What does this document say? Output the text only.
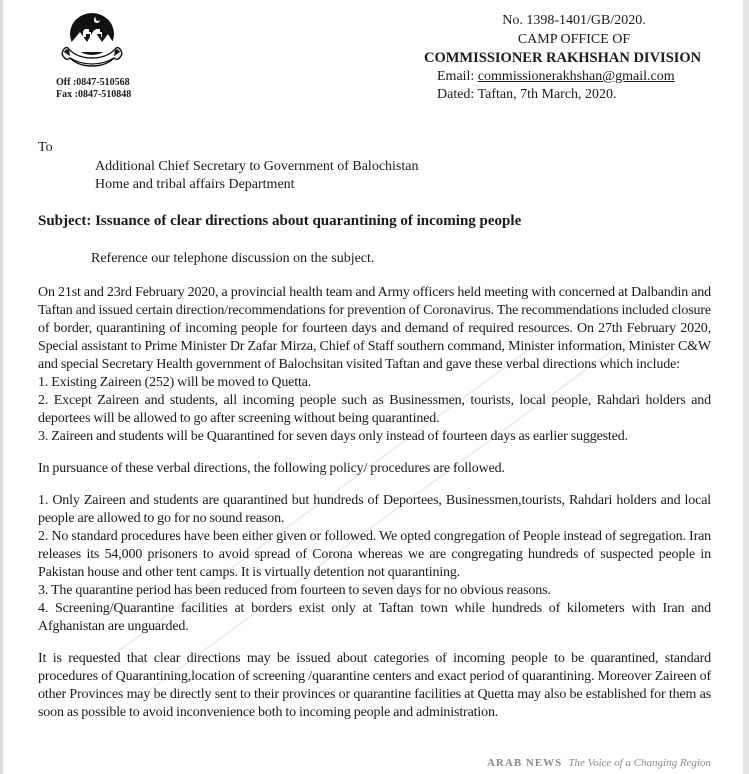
Off :0847-510568
Fax :0847-510848
No. 1398-1401/GB/2020.
CAMP OFFICE OF
COMMISSIONER RAKHSHAN DIVISION
Email: commissionerakhshan@gmail.com
Dated: Taftan, 7th March, 2020.
To
Additional Chief Secretary to Government of Balochistan
Home and tribal affairs Department
Subject: Issuance of clear directions about quarantining of incoming people
Reference our telephone discussion on the subject.

On 21st and 23rd February 2020, a provincial health team and Army officers held meeting with concerned at Dalbandin and Taftan and issued certain direction/recommendations for prevention of Coronavirus. The recommendations included closure of border, quarantining of incoming people for fourteen days and demand of required resources. On 27th February 2020, Special assistant to Prime Minister Dr Zafar Mirza, Chief of Staff southern command, Minister information, Minister C&W and special Secretary Health government of Balochsitan visited Taftan and gave these verbal directions which include:

1. Existing Zaireen (252) will be moved to Quetta.

2. Except Zaireen and students, all incoming people such as Businessmen, tourists, local people, Rahdari holders and deportees will be allowed to go after screening without being quarantined.

3. Zaireen and students will be Quarantined for seven days only instead of fourteen days as earlier suggested.

In pursuance of these verbal directions, the following policy/ procedures are followed.

1. Only Zaireen and students are quarantined but hundreds of Deportees, Businessmen,tourists, Rahdari holders and local people are allowed to go for no sound reason.

2. No standard procedures have been either given or followed. We opted congregation of People instead of segregation. Iran releases its 54,000 prisoners to avoid spread of Corona whereas we are congregating hundreds of suspected people in Pakistan house and other tent camps. It is virtually detention not quarantining.

3. The quarantine period has been reduced from fourteen to seven days for no obvious reasons.

4. Screening/Quarantine facilities at borders exist only at Taftan town while hundreds of kilometers with Iran and Afghanistan are unguarded.

It is requested that clear directions may be issued about categories of incoming people to be quarantined, standard procedures of Quarantining,location of screening /quarantine centers and exact period of quarantining. Moreover Zaireen of other Provinces may be directly sent to their provinces or quarantine facilities at Quetta may also be established for them as soon as possible to avoid inconvenience both to incoming people and administration.

ARAB NEWS The Voice of a Changing Region
